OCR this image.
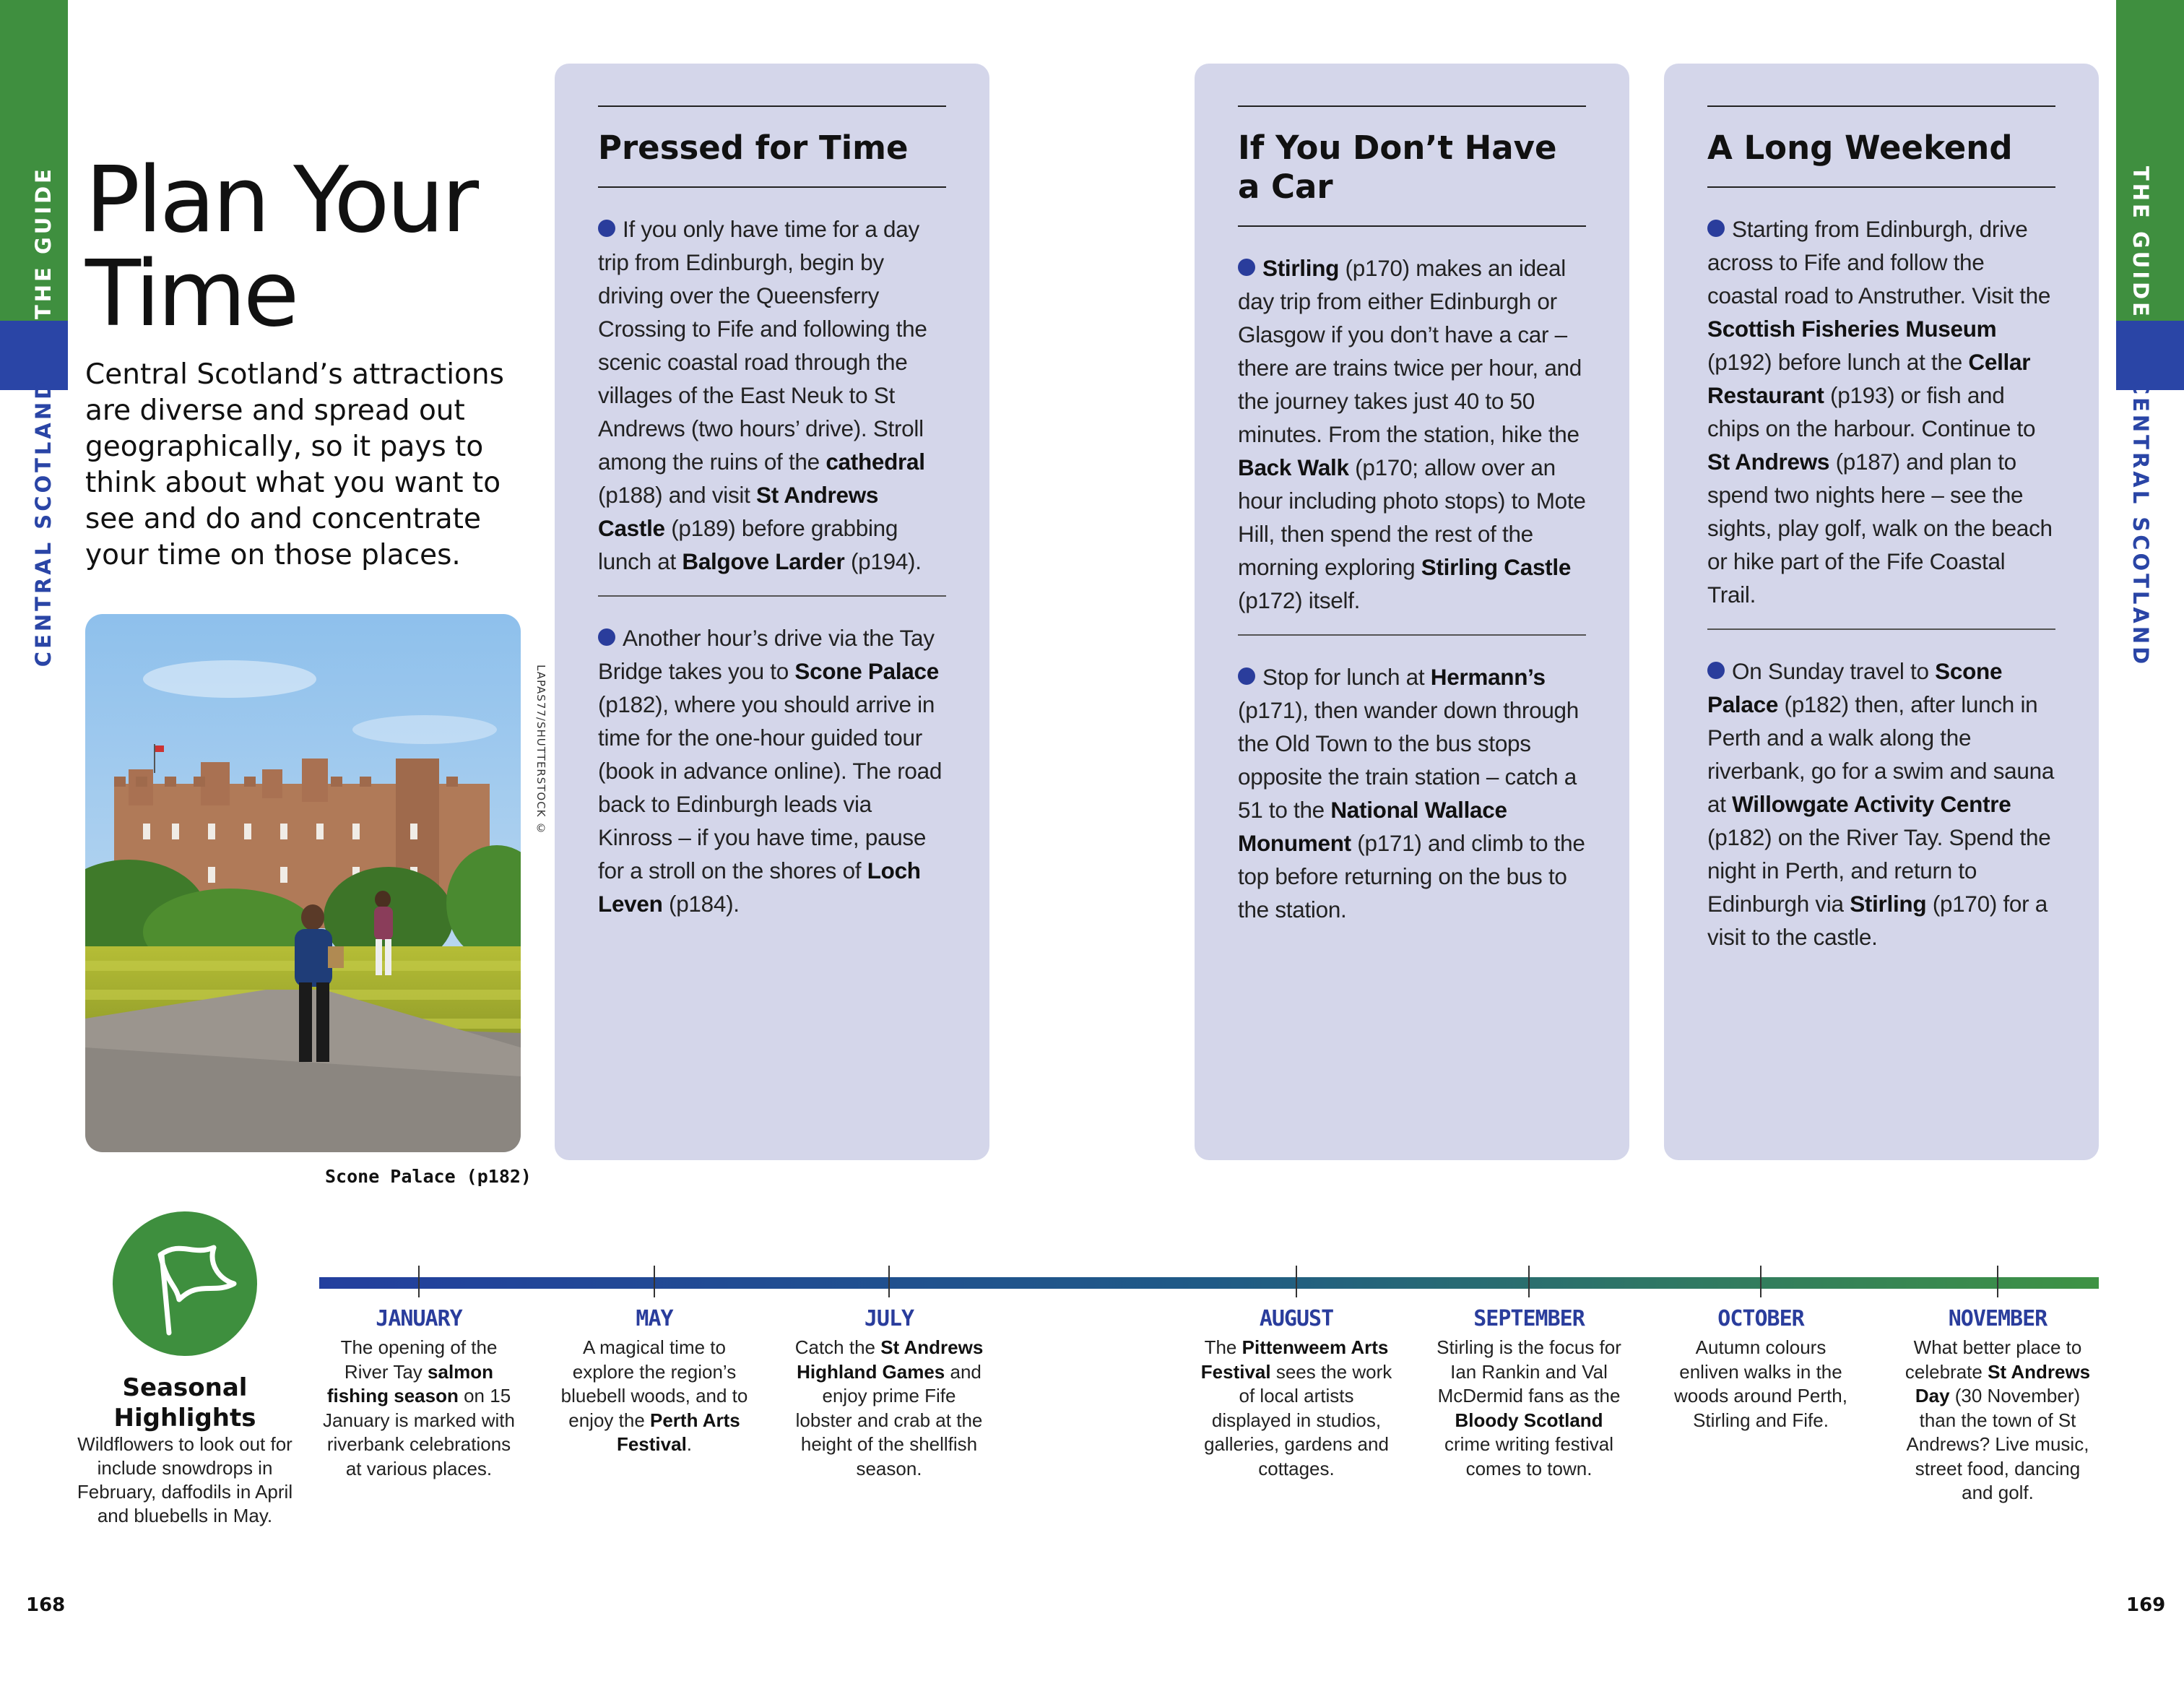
THE GUIDE
CENTRAL SCOTLAND
THE GUIDE
CENTRAL SCOTLAND
Plan Your
Time
Central Scotland’s attractions are diverse and spread out geographically, so it pays to think about what you want to see and do and concentrate your time on those places.
LAPAS77/SHUTTERSTOCK ©
Scone Palace (p182)
Pressed for Time
If you only have time for a day trip from Edinburgh, begin by driving over the Queensferry Crossing to Fife and following the scenic coastal road through the villages of the East Neuk to St Andrews (two hours’ drive). Stroll among the ruins of the cathedral (p188) and visit St Andrews Castle (p189) before grabbing lunch at Balgove Larder (p194).
Another hour’s drive via the Tay Bridge takes you to Scone Palace (p182), where you should arrive in time for the one-hour guided tour (book in advance online). The road back to Edinburgh leads via Kinross – if you have time, pause for a stroll on the shores of Loch Leven (p184).
If You Don’t Have a Car
Stirling (p170) makes an ideal day trip from either Edinburgh or Glasgow if you don’t have a car – there are trains twice per hour, and the journey takes just 40 to 50 minutes. From the station, hike the Back Walk (p170; allow over an hour including photo stops) to Mote Hill, then spend the rest of the morning exploring Stirling Castle (p172) itself.
Stop for lunch at Hermann’s (p171), then wander down through the Old Town to the bus stops opposite the train station – catch a 51 to the National Wallace Monument (p171) and climb to the top before returning on the bus to the station.
A Long Weekend
Starting from Edinburgh, drive across to Fife and follow the coastal road to Anstruther. Visit the Scottish Fisheries Museum (p192) before lunch at the Cellar Restaurant (p193) or fish and chips on the harbour. Continue to St Andrews (p187) and plan to spend two nights here – see the sights, play golf, walk on the beach or hike part of the Fife Coastal Trail.
On Sunday travel to Scone Palace (p182) then, after lunch in Perth and a walk along the riverbank, go for a swim and sauna at Willowgate Activity Centre (p182) on the River Tay. Spend the night in Perth, and return to Edinburgh via Stirling (p170) for a visit to the castle.
Seasonal Highlights
Wildflowers to look out for include snowdrops in February, daffodils in April and bluebells in May.
JANUARY
The opening of the River Tay salmon fishing season on 15 January is marked with riverbank celebrations at various places.
MAY
A magical time to explore the region’s bluebell woods, and to enjoy the Perth Arts Festival.
JULY
Catch the St Andrews Highland Games and enjoy prime Fife lobster and crab at the height of the shellfish season.
AUGUST
The Pittenweem Arts Festival sees the work of local artists displayed in studios, galleries, gardens and cottages.
SEPTEMBER
Stirling is the focus for Ian Rankin and Val McDermid fans as the Bloody Scotland crime writing festival comes to town.
OCTOBER
Autumn colours enliven walks in the woods around Perth, Stirling and Fife.
NOVEMBER
What better place to celebrate St Andrews Day (30 November) than the town of St Andrews? Live music, street food, dancing and golf.
168	169
